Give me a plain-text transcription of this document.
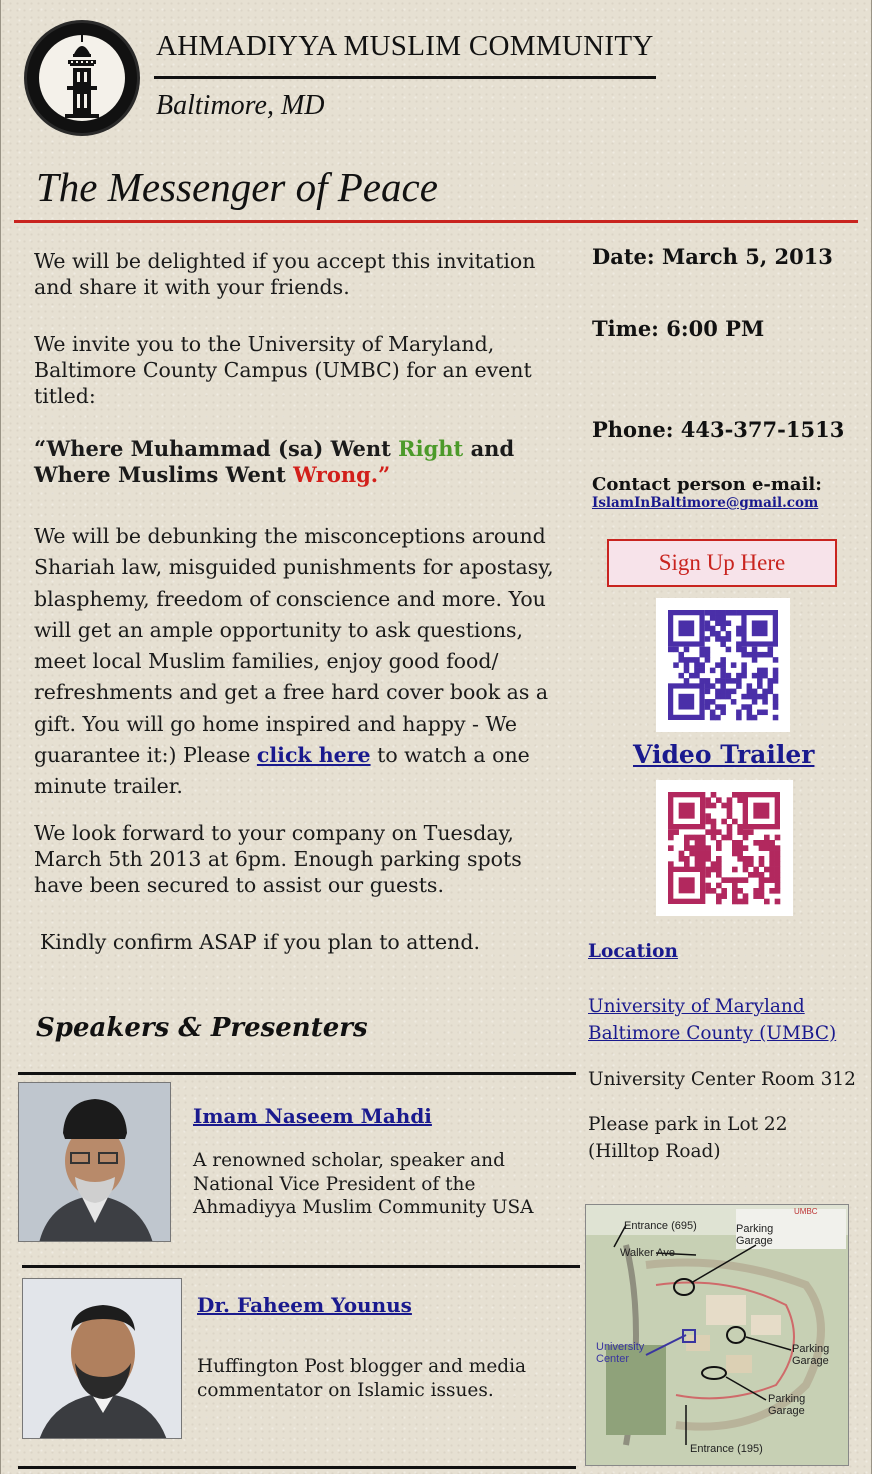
AHMADIYYA MUSLIM COMMUNITY
Baltimore, MD
The Messenger of Peace
We will be delighted if you accept this invitation and share it with your friends.
We invite you to the University of Maryland, Baltimore County Campus (UMBC) for an event titled:
“Where Muhammad (sa) Went Right and Where Muslims Went Wrong.”
We will be debunking the misconceptions around Shariah law, misguided punishments for apostasy, blasphemy, freedom of conscience and more. You will get an ample opportunity to ask questions, meet local Muslim families, enjoy good food/ refreshments and get a free hard cover book as a gift. You will go home inspired and happy - We guarantee it:) Please click here to watch a one minute trailer.
We look forward to your company on Tuesday, March 5th 2013 at 6pm. Enough parking spots have been secured to assist our guests.
Kindly confirm ASAP if you plan to attend.
Speakers & Presenters
Imam Naseem Mahdi
A renowned scholar, speaker and National Vice President of the Ahmadiyya Muslim Community USA
Dr. Faheem Younus
Huffington Post blogger and media commentator on Islamic issues.
Date: March 5, 2013
Time: 6:00 PM
Phone: 443-377-1513
Contact person e-mail:
IslamInBaltimore@gmail.com
Sign Up Here
Video Trailer
Location
University of Maryland Baltimore County (UMBC)
University Center Room 312
Please park in Lot 22 (Hilltop Road)
Entrance (695)
Walker Ave
Parking Garage
UMBC
University Center
Parking Garage
Parking Garage
Entrance (195)
